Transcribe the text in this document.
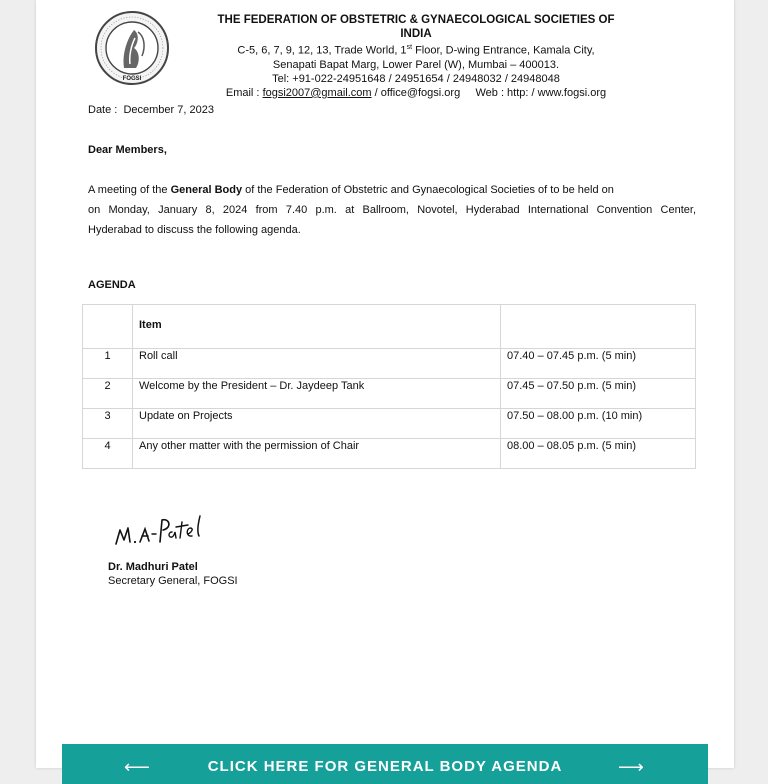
FOGSI
THE FEDERATION OF OBSTETRIC & GYNAECOLOGICAL SOCIETIES OF INDIA
C-5, 6, 7, 9, 12, 13, Trade World, 1st Floor, D-wing Entrance, Kamala City,
Senapati Bapat Marg, Lower Parel (W), Mumbai – 400013.
Tel: +91-022-24951648 / 24951654 / 24948032 / 24948048
Email : fogsi2007@gmail.com / office@fogsi.org     Web : http: / www.fogsi.org
Date :  December 7, 2023
Dear Members,
A meeting of the General Body of the Federation of Obstetric and Gynaecological Societies of to be held on
on Monday, January 8, 2024 from 7.40 p.m. at Ballroom, Novotel, Hyderabad International Convention Center,
Hyderabad to discuss the following agenda.
AGENDA
	Item	
1	Roll call	07.40 – 07.45 p.m. (5 min)
2	Welcome by the President – Dr. Jaydeep Tank	07.45 – 07.50 p.m. (5 min)
3	Update on Projects	07.50 – 08.00 p.m. (10 min)
4	Any other matter with the permission of Chair	08.00 – 08.05 p.m. (5 min)
Dr. Madhuri Patel
Secretary General, FOGSI
⟵	CLICK HERE FOR GENERAL BODY AGENDA	⟶
